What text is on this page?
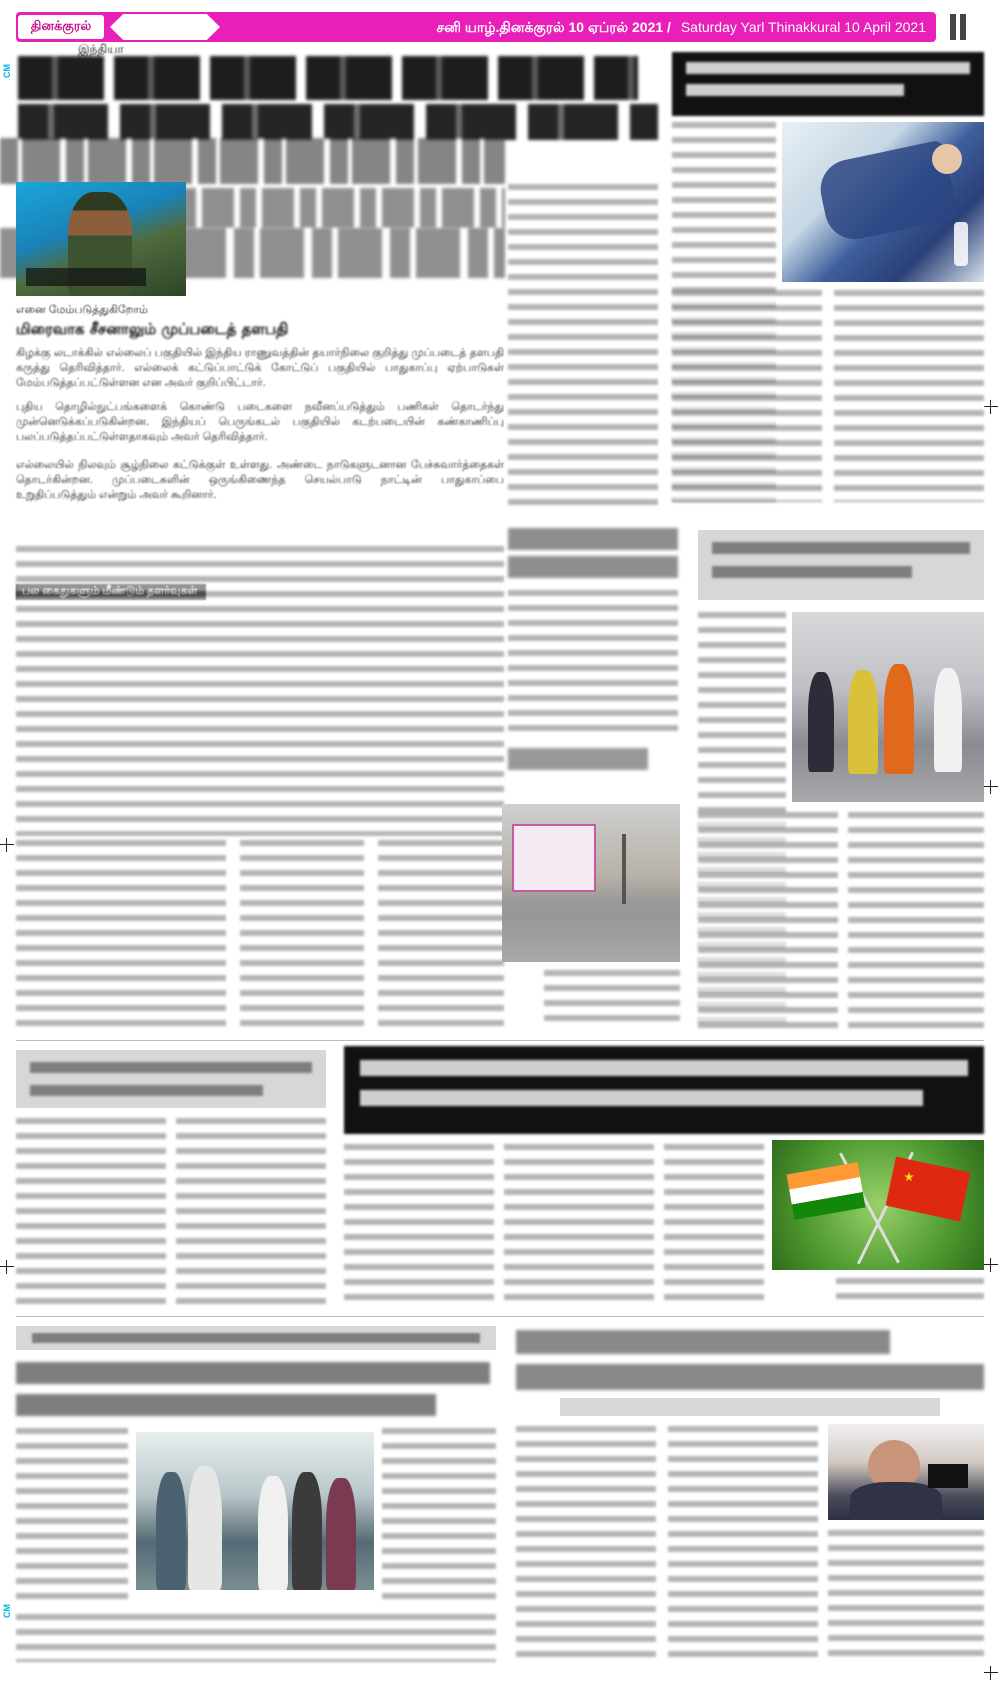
தினக்குரல்	சனி யாழ்.தினக்குரல் 10 ஏப்ரல் 2021 / Saturday Yarl Thinakkural 10 April 2021
CM
CM
இந்தியா
எனை மேம்படுத்துகிறோம்
மிரைவாக சீசனாலும் முப்படைத் தளபதி
கிழக்கு லடாக்கில் எல்லைப் பகுதியில் இந்திய ராணுவத்தின் தயார்நிலை குறித்து முப்படைத் தளபதி கருத்து தெரிவித்தார். எல்லைக் கட்டுப்பாட்டுக் கோட்டுப் பகுதியில் பாதுகாப்பு ஏற்பாடுகள் மேம்படுத்தப்பட்டுள்ளன என அவர் குறிப்பிட்டார்.
புதிய தொழில்நுட்பங்களைக் கொண்டு படைகளை நவீனப்படுத்தும் பணிகள் தொடர்ந்து முன்னெடுக்கப்படுகின்றன. இந்தியப் பெருங்கடல் பகுதியில் கடற்படையின் கண்காணிப்பு பலப்படுத்தப்பட்டுள்ளதாகவும் அவர் தெரிவித்தார்.
எல்லையில் நிலவும் சூழ்நிலை கட்டுக்குள் உள்ளது. அண்டை நாடுகளுடனான பேச்சுவார்த்தைகள் தொடர்கின்றன. முப்படைகளின் ஒருங்கிணைந்த செயல்பாடு நாட்டின் பாதுகாப்பை உறுதிப்படுத்தும் என்றும் அவர் கூறினார்.
